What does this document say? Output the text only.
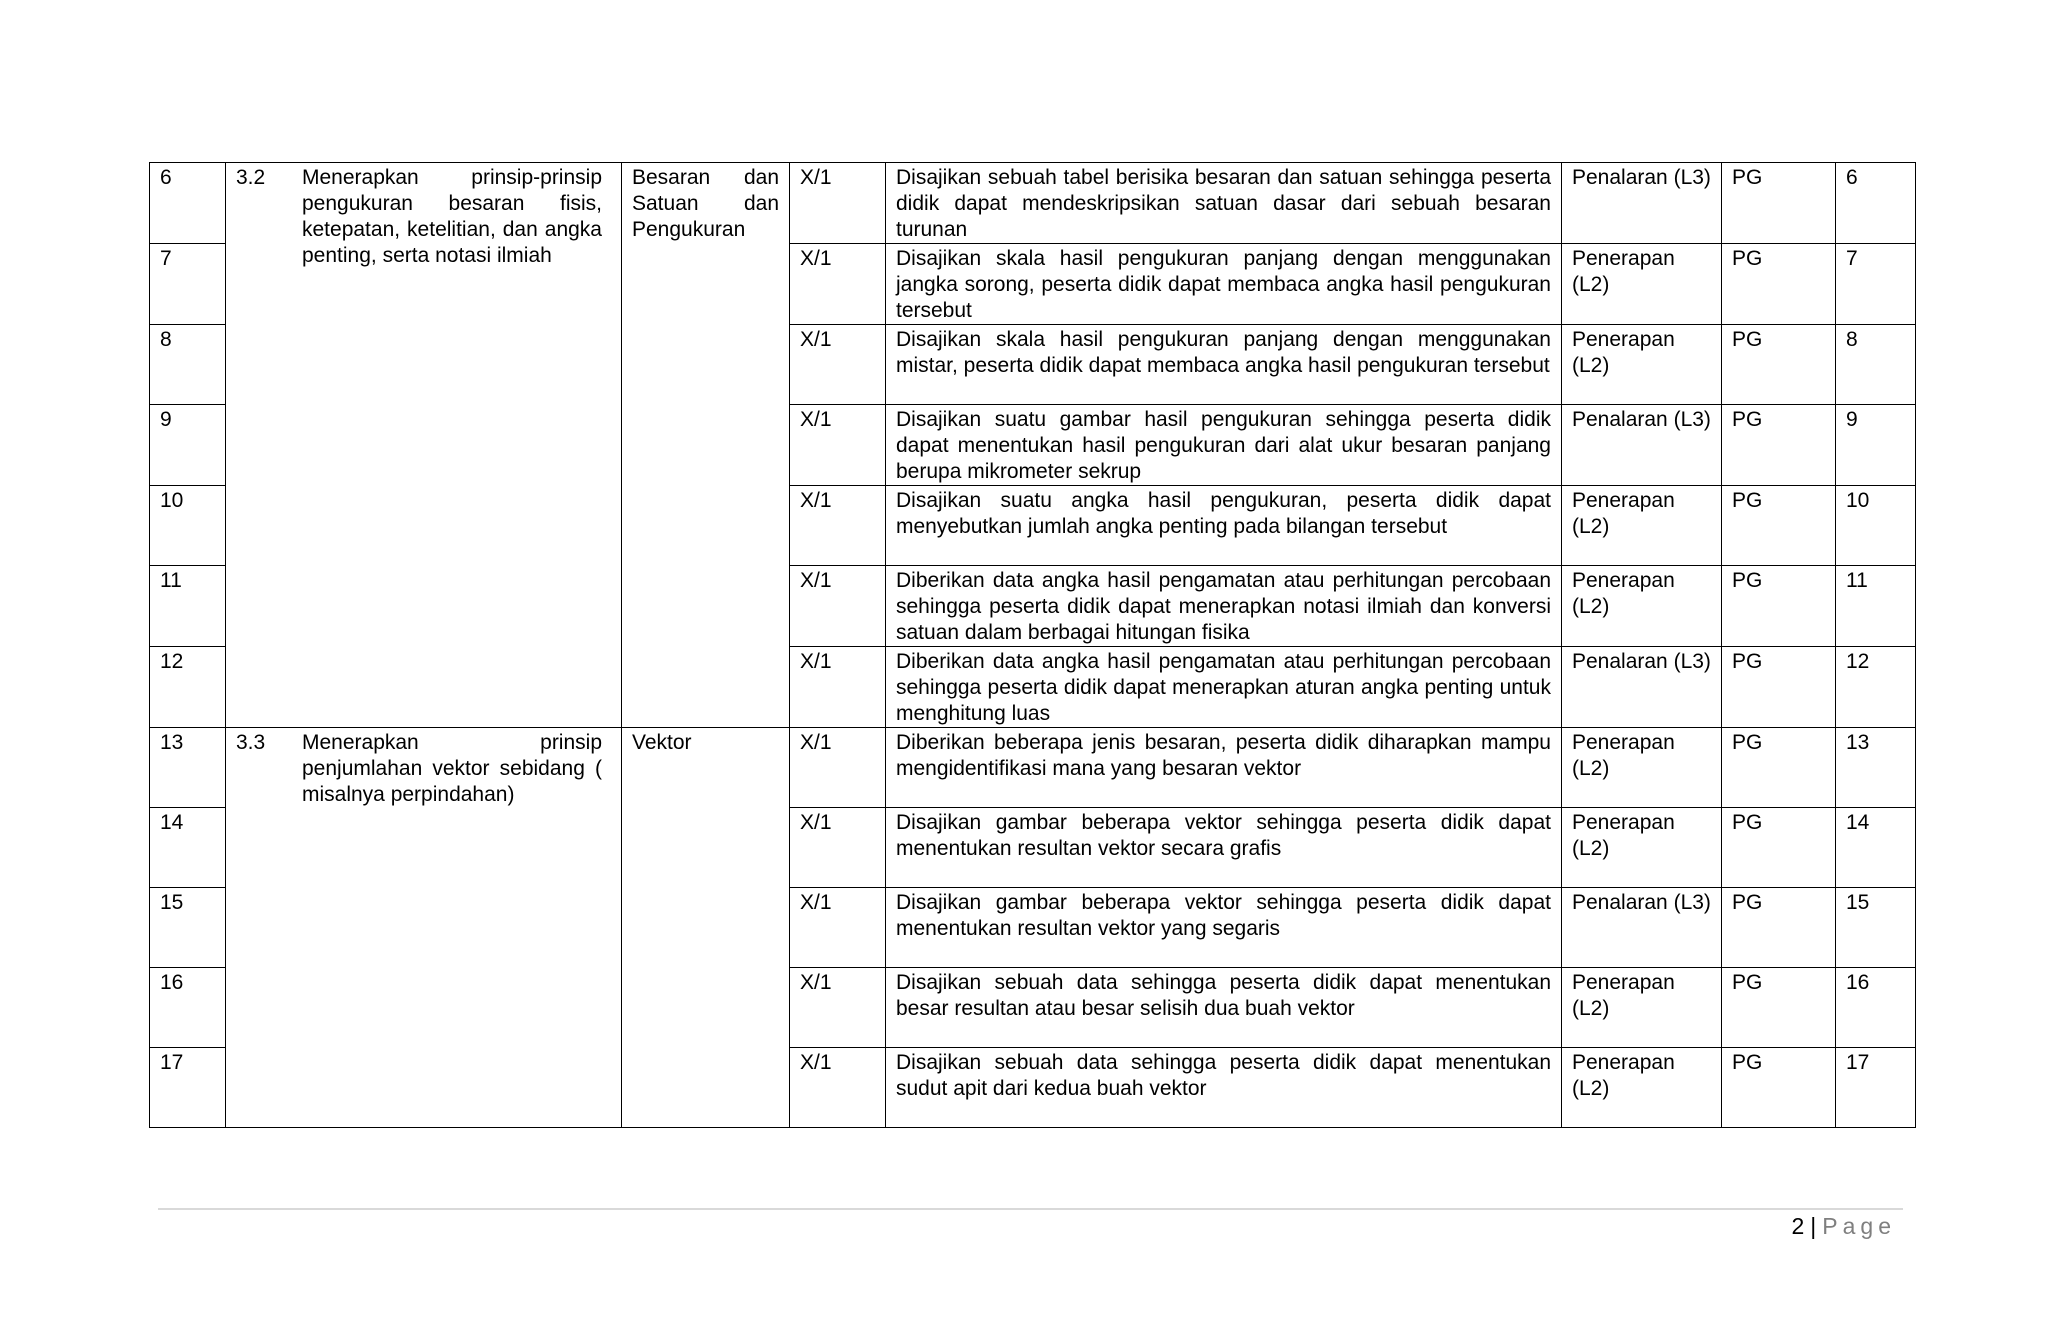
6	3.2 Menerapkan prinsip-prinsip pengukuran besaran fisis, ketepatan, ketelitian, dan angka penting, serta notasi ilmiah	Besaran dan Satuan dan Pengukuran	X/1	Disajikan sebuah tabel berisika besaran dan satuan sehingga peserta didik dapat mendeskripsikan satuan dasar dari sebuah besaran turunan	Penalaran (L3)	PG	6
7			X/1	Disajikan skala hasil pengukuran panjang dengan menggunakan jangka sorong, peserta didik dapat membaca angka hasil pengukuran tersebut	Penerapan (L2)	PG	7
8			X/1	Disajikan skala hasil pengukuran panjang dengan menggunakan mistar, peserta didik dapat membaca angka hasil pengukuran tersebut	Penerapan (L2)	PG	8
9			X/1	Disajikan suatu gambar hasil pengukuran sehingga peserta didik dapat menentukan hasil pengukuran dari alat ukur besaran panjang berupa mikrometer sekrup	Penalaran (L3)	PG	9
10			X/1	Disajikan suatu angka hasil pengukuran, peserta didik dapat menyebutkan jumlah angka penting pada bilangan tersebut	Penerapan (L2)	PG	10
11			X/1	Diberikan data angka hasil pengamatan atau perhitungan percobaan sehingga peserta didik dapat menerapkan notasi ilmiah dan konversi satuan dalam berbagai hitungan fisika	Penerapan (L2)	PG	11
12			X/1	Diberikan data angka hasil pengamatan atau perhitungan percobaan sehingga peserta didik dapat menerapkan aturan angka penting untuk menghitung luas	Penalaran (L3)	PG	12
13	3.3 Menerapkan prinsip penjumlahan vektor sebidang ( misalnya perpindahan)	Vektor	X/1	Diberikan beberapa jenis besaran, peserta didik diharapkan mampu mengidentifikasi mana yang besaran vektor	Penerapan (L2)	PG	13
14			X/1	Disajikan gambar beberapa vektor sehingga peserta didik dapat menentukan resultan vektor secara grafis	Penerapan (L2)	PG	14
15			X/1	Disajikan gambar beberapa vektor sehingga peserta didik dapat menentukan resultan vektor yang segaris	Penalaran (L3)	PG	15
16			X/1	Disajikan sebuah data sehingga peserta didik dapat menentukan besar resultan atau besar selisih dua buah vektor	Penerapan (L2)	PG	16
17			X/1	Disajikan sebuah data sehingga peserta didik dapat menentukan sudut apit dari kedua buah vektor	Penerapan (L2)	PG	17
2 | Page
